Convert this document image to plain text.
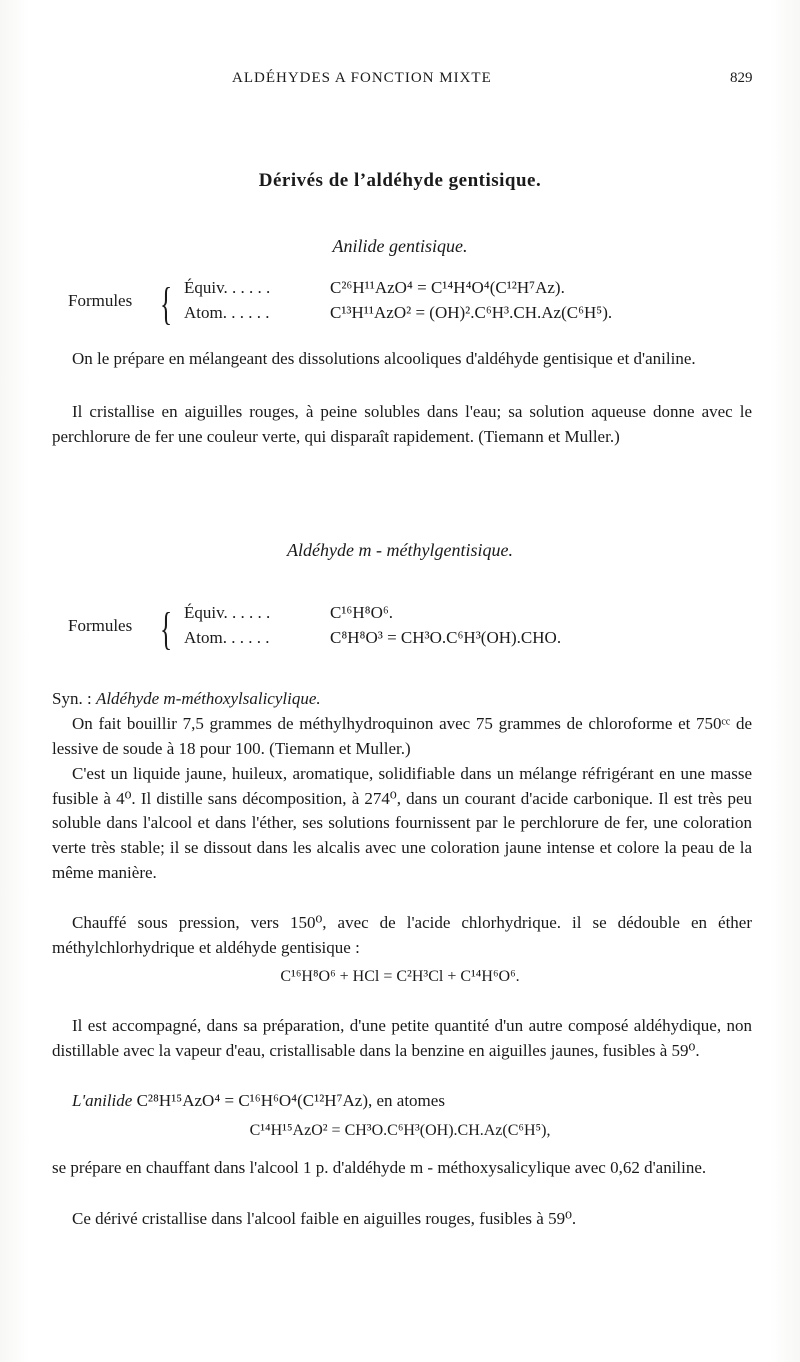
ALDÉHYDES A FONCTION MIXTE	829
Dérivés de l’aldéhyde gentisique.
Anilide gentisique.
Formules { Équiv. . . . . .	C²⁶H¹¹AzO⁴ = C¹⁴H⁴O⁴(C¹²H⁷Az).
Atom. . . . . .	C¹³H¹¹AzO² = (OH)².C⁶H³.CH.Az(C⁶H⁵).

On le prépare en mélangeant des dissolutions alcooliques d'aldéhyde gentisique et d'aniline.

Il cristallise en aiguilles rouges, à peine solubles dans l'eau; sa solution aqueuse donne avec le perchlorure de fer une couleur verte, qui disparaît rapidement. (Tiemann et Muller.)

Aldéhyde m - méthylgentisique.
Formules { Équiv. . . . . .	C¹⁶H⁸O⁶.
Atom. . . . . .	C⁸H⁸O³ = CH³O.C⁶H³(OH).CHO.

Syn. : Aldéhyde m-méthoxylsalicylique.

On fait bouillir 7,5 grammes de méthylhydroquinon avec 75 grammes de chloroforme et 750ᶜᶜ de lessive de soude à 18 pour 100. (Tiemann et Muller.)

C'est un liquide jaune, huileux, aromatique, solidifiable dans un mélange réfrigérant en une masse fusible à 4⁰. Il distille sans décomposition, à 274⁰, dans un courant d'acide carbonique. Il est très peu soluble dans l'alcool et dans l'éther, ses solutions fournissent par le perchlorure de fer, une coloration verte très stable; il se dissout dans les alcalis avec une coloration jaune intense et colore la peau de la même manière.

Chauffé sous pression, vers 150⁰, avec de l'acide chlorhydrique. il se dédouble en éther méthylchlorhydrique et aldéhyde gentisique :

C¹⁶H⁸O⁶ + HCl = C²H³Cl + C¹⁴H⁶O⁶.

Il est accompagné, dans sa préparation, d'une petite quantité d'un autre composé aldéhydique, non distillable avec la vapeur d'eau, cristallisable dans la benzine en aiguilles jaunes, fusibles à 59⁰.

L'anilide C²⁸H¹⁵AzO⁴ = C¹⁶H⁶O⁴(C¹²H⁷Az), en atomes

C¹⁴H¹⁵AzO² = CH³O.C⁶H³(OH).CH.Az(C⁶H⁵),

se prépare en chauffant dans l'alcool 1 p. d'aldéhyde m - méthoxysalicylique avec 0,62 d'aniline.

Ce dérivé cristallise dans l'alcool faible en aiguilles rouges, fusibles à 59⁰.
